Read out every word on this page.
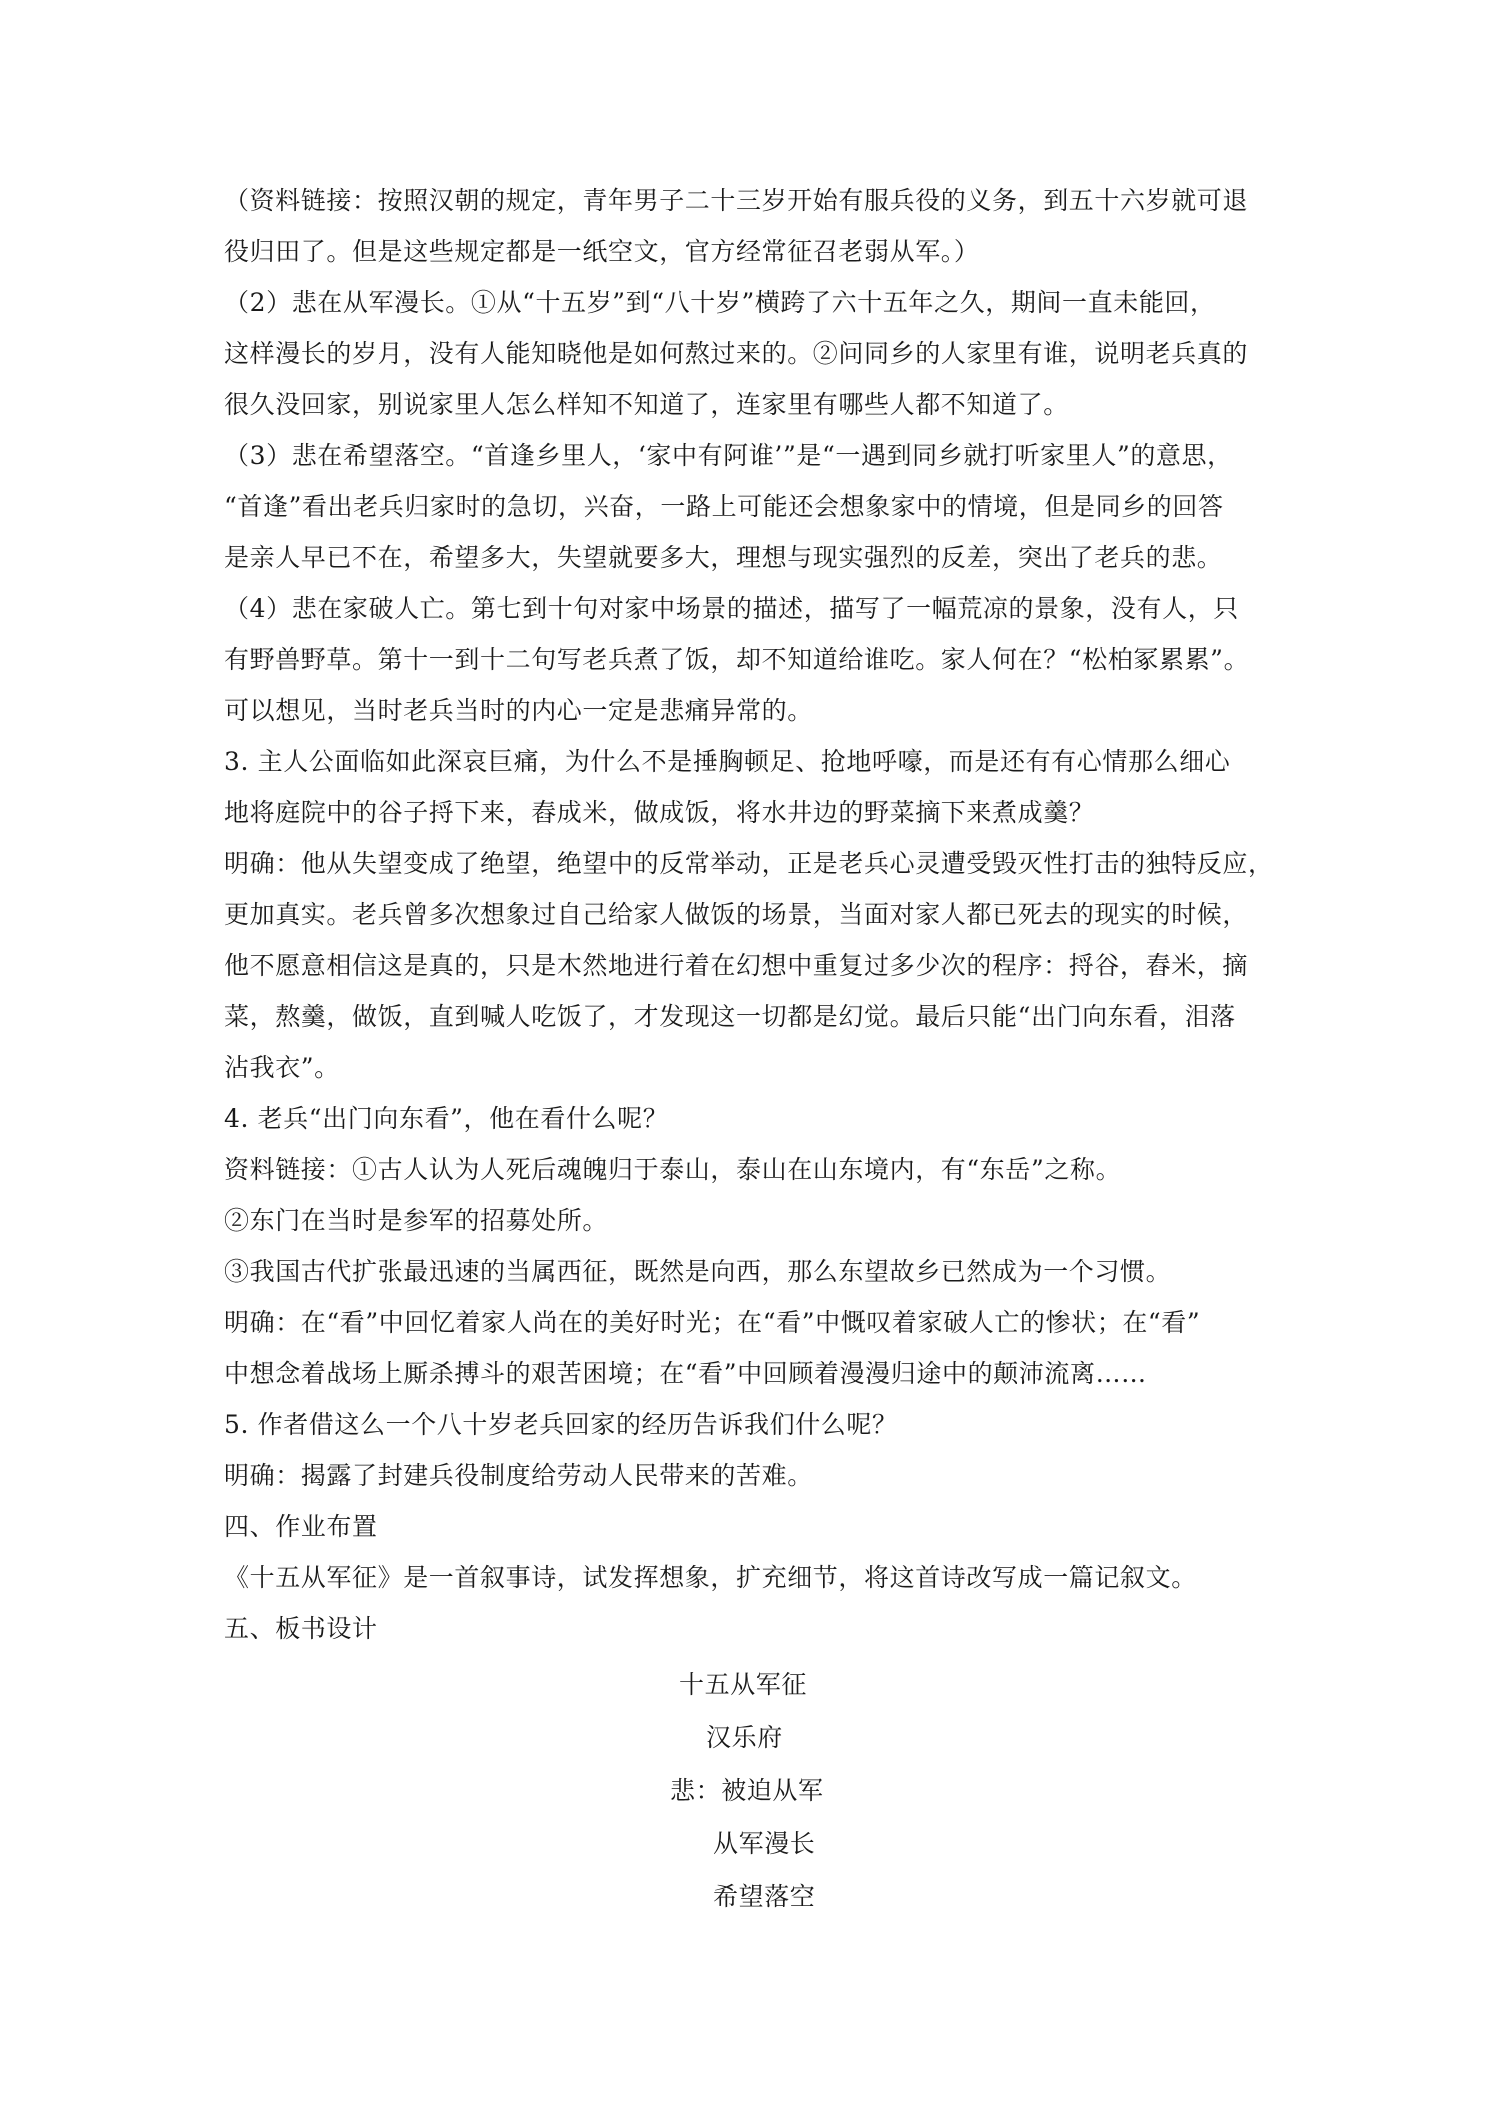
（资料链接：按照汉朝的规定，青年男子二十三岁开始有服兵役的义务，到五十六岁就可退
役归田了。但是这些规定都是一纸空文，官方经常征召老弱从军。）
（2）悲在从军漫长。①从“十五岁”到“八十岁”横跨了六十五年之久，期间一直未能回，
这样漫长的岁月，没有人能知晓他是如何熬过来的。②问同乡的人家里有谁，说明老兵真的
很久没回家，别说家里人怎么样知不知道了，连家里有哪些人都不知道了。
（3）悲在希望落空。“首逢乡里人，‘家中有阿谁’”是“一遇到同乡就打听家里人”的意思，
“首逢”看出老兵归家时的急切，兴奋，一路上可能还会想象家中的情境，但是同乡的回答
是亲人早已不在，希望多大，失望就要多大，理想与现实强烈的反差，突出了老兵的悲。
（4）悲在家破人亡。第七到十句对家中场景的描述，描写了一幅荒凉的景象，没有人，只
有野兽野草。第十一到十二句写老兵煮了饭，却不知道给谁吃。家人何在？“松柏冢累累”。
可以想见，当时老兵当时的内心一定是悲痛异常的。
3. 主人公面临如此深哀巨痛，为什么不是捶胸顿足、抢地呼嚎，而是还有有心情那么细心
地将庭院中的谷子捋下来，舂成米，做成饭，将水井边的野菜摘下来煮成羹？
明确：他从失望变成了绝望，绝望中的反常举动，正是老兵心灵遭受毁灭性打击的独特反应，
更加真实。老兵曾多次想象过自己给家人做饭的场景，当面对家人都已死去的现实的时候，
他不愿意相信这是真的，只是木然地进行着在幻想中重复过多少次的程序：捋谷，舂米，摘
菜，熬羹，做饭，直到喊人吃饭了，才发现这一切都是幻觉。最后只能“出门向东看，泪落
沾我衣”。
4. 老兵“出门向东看”，他在看什么呢？
资料链接：①古人认为人死后魂魄归于泰山，泰山在山东境内，有“东岳”之称。
②东门在当时是参军的招募处所。
③我国古代扩张最迅速的当属西征，既然是向西，那么东望故乡已然成为一个习惯。
明确：在“看”中回忆着家人尚在的美好时光；在“看”中慨叹着家破人亡的惨状；在“看”
中想念着战场上厮杀搏斗的艰苦困境；在“看”中回顾着漫漫归途中的颠沛流离……
5. 作者借这么一个八十岁老兵回家的经历告诉我们什么呢？
明确：揭露了封建兵役制度给劳动人民带来的苦难。
四、作业布置
《十五从军征》是一首叙事诗，试发挥想象，扩充细节，将这首诗改写成一篇记叙文。
五、板书设计
十五从军征
汉乐府
悲：被迫从军
从军漫长
希望落空
